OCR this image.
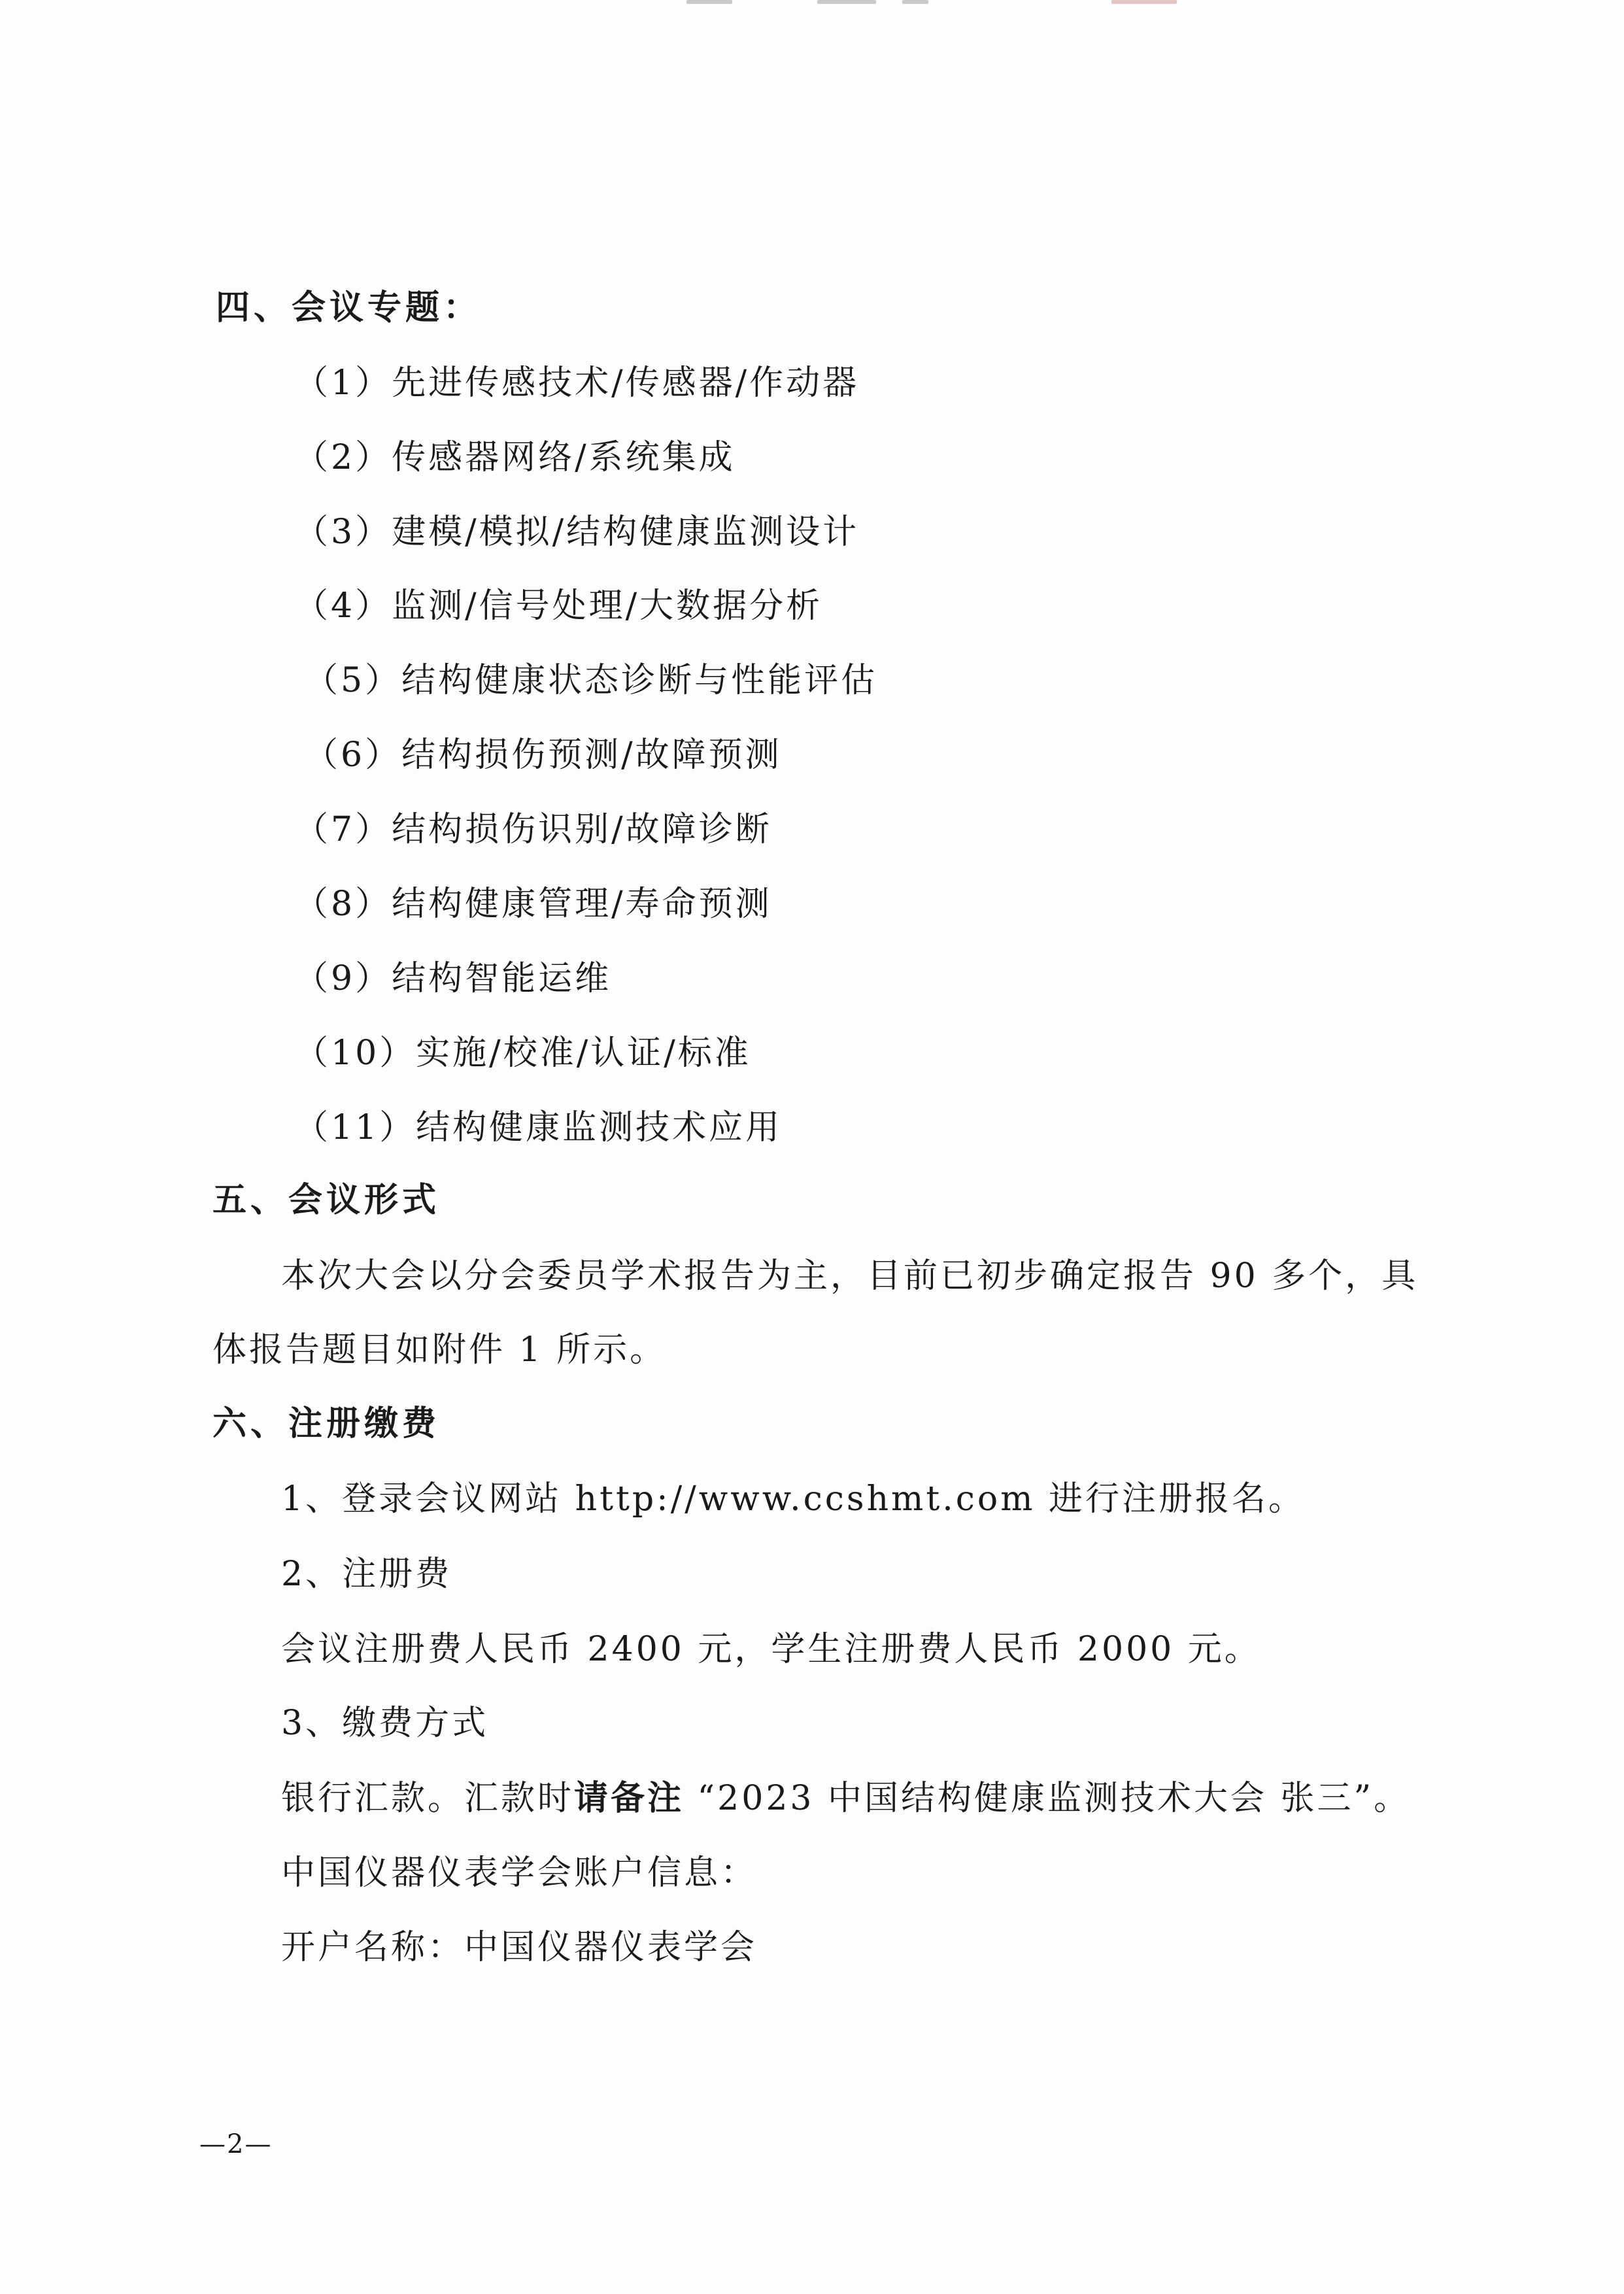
四、会议专题：
（1）先进传感技术/传感器/作动器
（2）传感器网络/系统集成
（3）建模/模拟/结构健康监测设计
（4）监测/信号处理/大数据分析
（5）结构健康状态诊断与性能评估
（6）结构损伤预测/故障预测
（7）结构损伤识别/故障诊断
（8）结构健康管理/寿命预测
（9）结构智能运维
（10）实施/校准/认证/标准
（11）结构健康监测技术应用
五、会议形式
本次大会以分会委员学术报告为主，目前已初步确定报告 90 多个，具
体报告题目如附件 1 所示。
六、注册缴费
1、登录会议网站 http://www.ccshmt.com 进行注册报名。
2、注册费
会议注册费人民币 2400 元，学生注册费人民币 2000 元。
3、缴费方式
银行汇款。汇款时请备注 “2023 中国结构健康监测技术大会 张三”。
中国仪器仪表学会账户信息：
开户名称：中国仪器仪表学会
—2—
